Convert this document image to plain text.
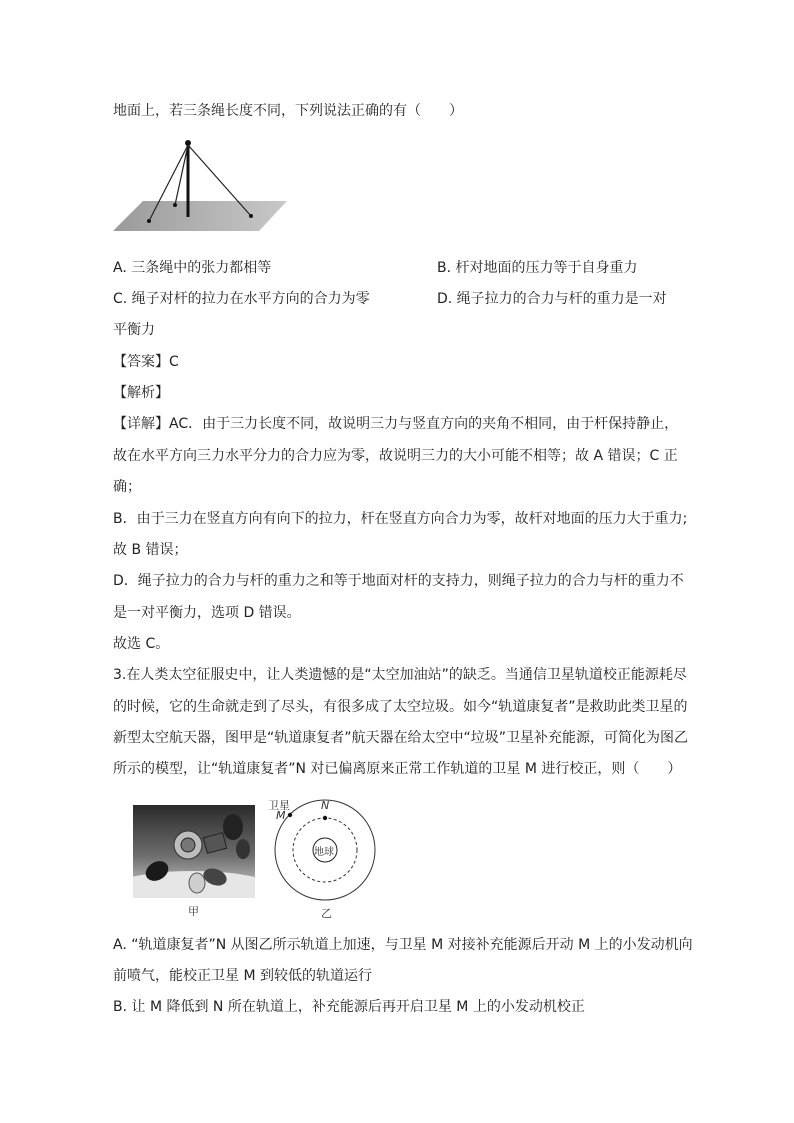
地面上，若三条绳长度不同，下列说法正确的有（　　）
A. 三条绳中的张力都相等	B. 杆对地面的压力等于自身重力
C. 绳子对杆的拉力在水平方向的合力为零	D. 绳子拉力的合力与杆的重力是一对
平衡力
【答案】C
【解析】
【详解】AC．由于三力长度不同，故说明三力与竖直方向的夹角不相同，由于杆保持静止，
故在水平方向三力水平分力的合力应为零，故说明三力的大小可能不相等；故 A 错误；C 正
确；
B．由于三力在竖直方向有向下的拉力，杆在竖直方向合力为零，故杆对地面的压力大于重力;
故 B 错误；
D．绳子拉力的合力与杆的重力之和等于地面对杆的支持力，则绳子拉力的合力与杆的重力不
是一对平衡力，选项 D 错误。
故选 C。
3.在人类太空征服史中，让人类遗憾的是“太空加油站”的缺乏。当通信卫星轨道校正能源耗尽
的时候，它的生命就走到了尽头，有很多成了太空垃圾。如今“轨道康复者”是救助此类卫星的
新型太空航天器，图甲是“轨道康复者”航天器在给太空中“垃圾”卫星补充能源，可简化为图乙
所示的模型，让“轨道康复者”N 对已偏离原来正常工作轨道的卫星 M 进行校正，则（　　）
甲
卫星
M
N
地球
乙
A. “轨道康复者”N 从图乙所示轨道上加速，与卫星 M 对接补充能源后开动 M 上的小发动机向
前喷气，能校正卫星 M 到较低的轨道运行
B. 让 M 降低到 N 所在轨道上，补充能源后再开启卫星 M 上的小发动机校正
